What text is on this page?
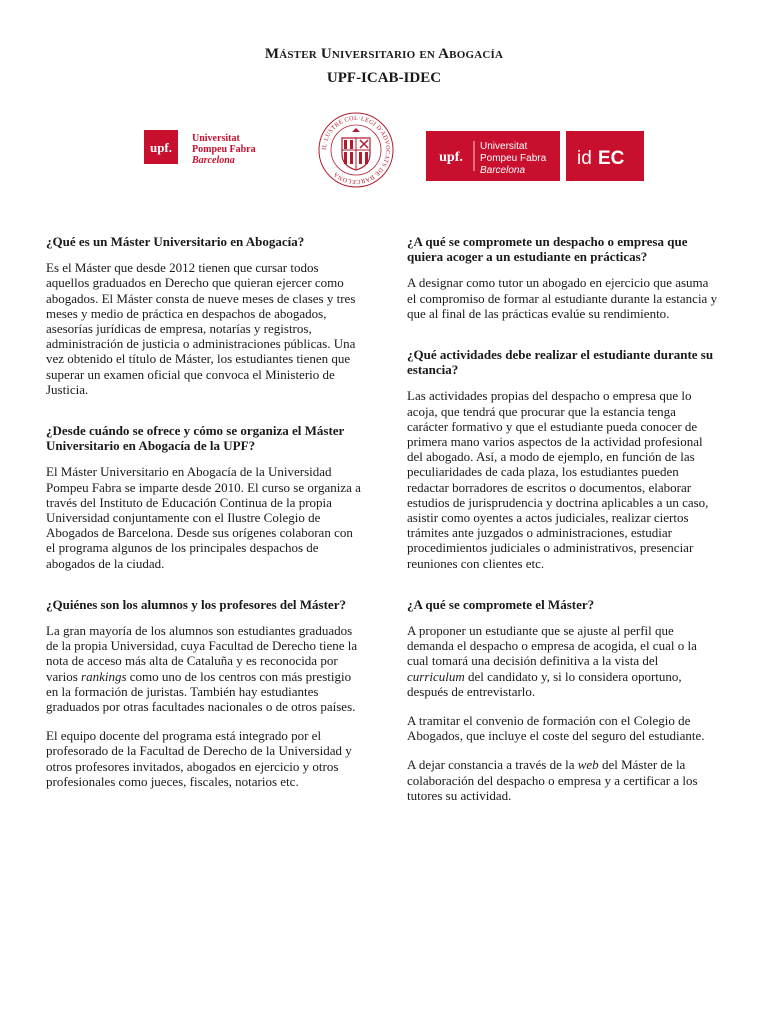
Máster Universitario en Abogacía
UPF-ICAB-IDEC
upf.
Universitat
Pompeu Fabra
Barcelona
IL·LUSTRE COL·LEGI D'ADVOCATS DE BARCELONA
upf.
Universitat
Pompeu Fabra
Barcelona
id EC

¿Qué es un Máster Universitario en Abogacía?

Es el Máster que desde 2012 tienen que cursar todos aquellos graduados en Derecho que quieran ejercer como abogados. El Máster consta de nueve meses de clases y tres meses y medio de práctica en despachos de abogados, asesorías jurídicas de empresa, notarías y registros, administración de justicia o administraciones públicas. Una vez obtenido el título de Máster, los estudiantes tienen que superar un examen oficial que convoca el Ministerio de Justicia.

¿Desde cuándo se ofrece y cómo se organiza el Máster Universitario en Abogacía de la UPF?

El Máster Universitario en Abogacía de la Universidad Pompeu Fabra se imparte desde 2010. El curso se organiza a través del Instituto de Educación Continua de la propia Universidad conjuntamente con el Ilustre Colegio de Abogados de Barcelona. Desde sus orígenes colaboran con el programa algunos de los principales despachos de abogados de la ciudad.

¿Quiénes son los alumnos y los profesores del Máster?

La gran mayoría de los alumnos son estudiantes graduados de la propia Universidad, cuya Facultad de Derecho tiene la nota de acceso más alta de Cataluña y es reconocida por varios rankings como uno de los centros con más prestigio en la formación de juristas. También hay estudiantes graduados por otras facultades nacionales o de otros países.

El equipo docente del programa está integrado por el profesorado de la Facultad de Derecho de la Universidad y otros profesores invitados, abogados en ejercicio y otros profesionales como jueces, fiscales, notarios etc.

¿A qué se compromete un despacho o empresa que quiera acoger a un estudiante en prácticas?

A designar como tutor un abogado en ejercicio que asuma el compromiso de formar al estudiante durante la estancia y que al final de las prácticas evalúe su rendimiento.

¿Qué actividades debe realizar el estudiante durante su estancia?

Las actividades propias del despacho o empresa que lo acoja, que tendrá que procurar que la estancia tenga carácter formativo y que el estudiante pueda conocer de primera mano varios aspectos de la actividad profesional del abogado. Así, a modo de ejemplo, en función de las peculiaridades de cada plaza, los estudiantes pueden redactar borradores de escritos o documentos, elaborar estudios de jurisprudencia y doctrina aplicables a un caso, asistir como oyentes a actos judiciales, realizar ciertos trámites ante juzgados o administraciones, estudiar procedimientos judiciales o administrativos, presenciar reuniones con clientes etc.

¿A qué se compromete el Máster?

A proponer un estudiante que se ajuste al perfil que demanda el despacho o empresa de acogida, el cual o la cual tomará una decisión definitiva a la vista del curriculum del candidato y, si lo considera oportuno, después de entrevistarlo.

A tramitar el convenio de formación con el Colegio de Abogados, que incluye el coste del seguro del estudiante.

A dejar constancia a través de la web del Máster de la colaboración del despacho o empresa y a certificar a los tutores su actividad.
